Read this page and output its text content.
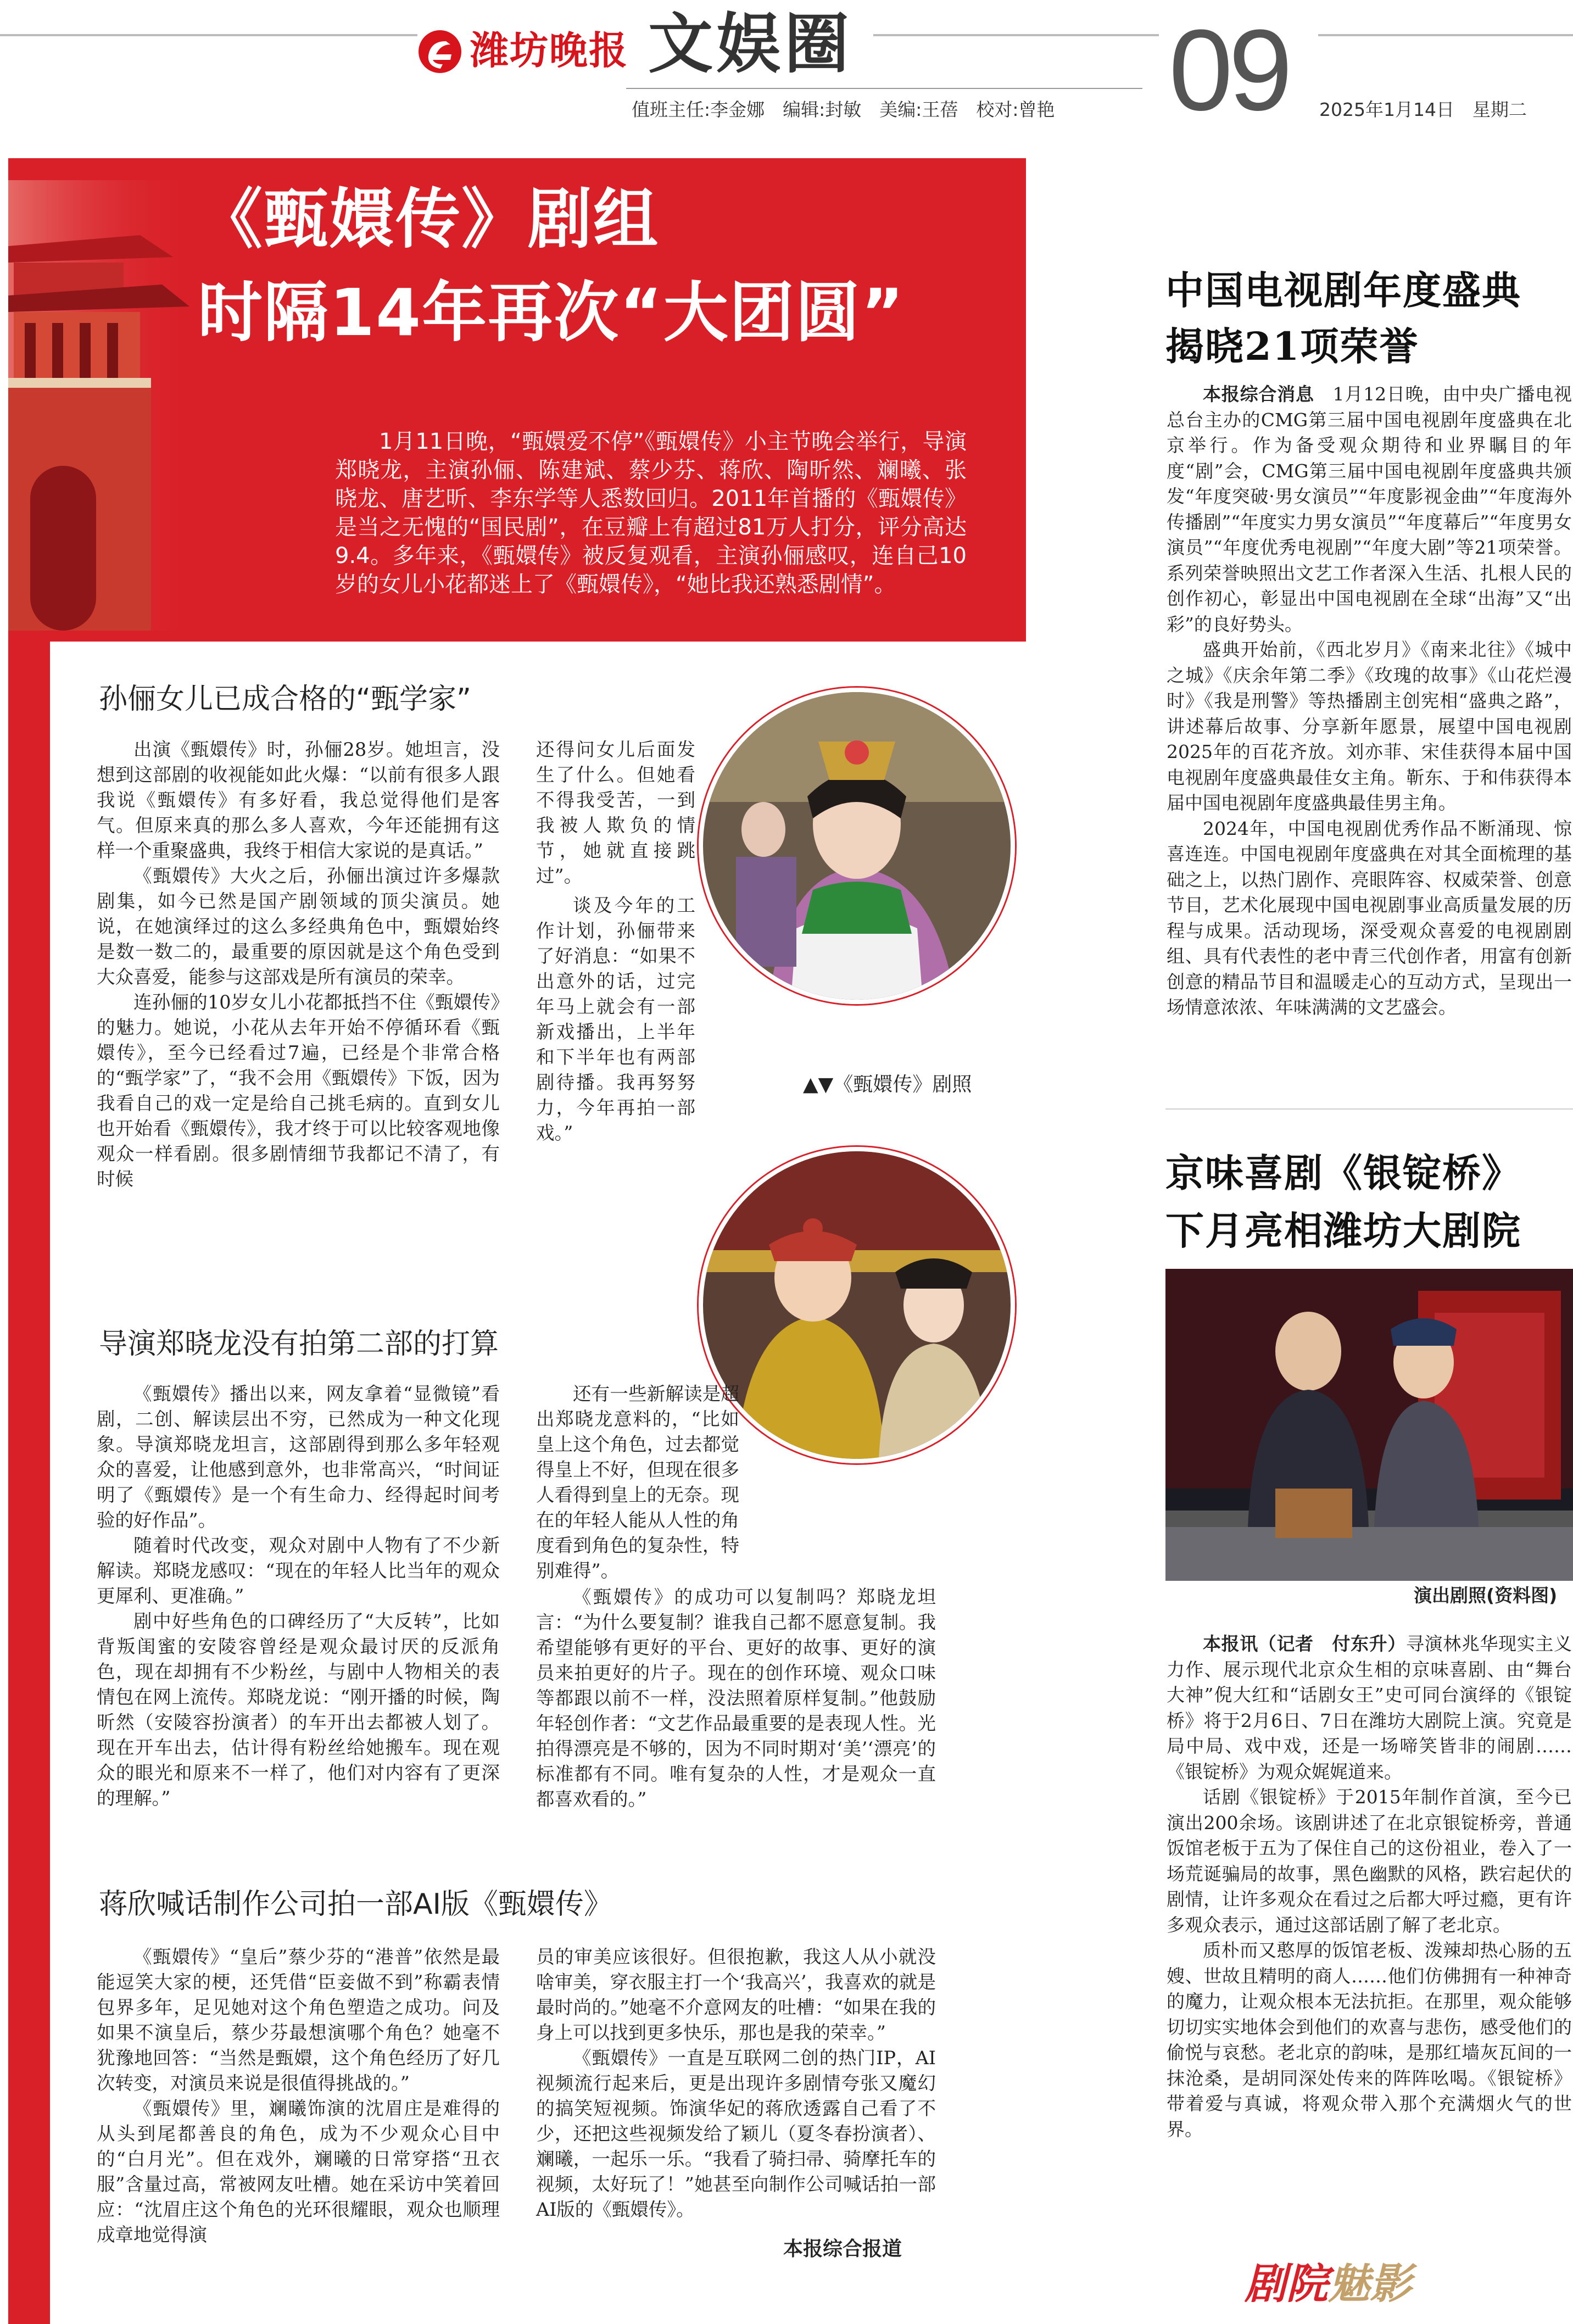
潍坊晚报 文娱圈	09
值班主任:李金娜　编辑:封敏　美编:王蓓　校对:曾艳	2025年1月14日　星期二
《甄嬛传》剧组
时隔14年再次“大团圆”
1月11日晚，“甄嬛爱不停”《甄嬛传》小主节晚会举行，导演郑晓龙，主演孙俪、陈建斌、蔡少芬、蒋欣、陶昕然、斓曦、张晓龙、唐艺昕、李东学等人悉数回归。2011年首播的《甄嬛传》是当之无愧的“国民剧”，在豆瓣上有超过81万人打分，评分高达9.4。多年来，《甄嬛传》被反复观看，主演孙俪感叹，连自己10岁的女儿小花都迷上了《甄嬛传》，“她比我还熟悉剧情”。
孙俪女儿已成合格的“甄学家”

出演《甄嬛传》时，孙俪28岁。她坦言，没想到这部剧的收视能如此火爆：“以前有很多人跟我说《甄嬛传》有多好看，我总觉得他们是客气。但原来真的那么多人喜欢，今年还能拥有这样一个重聚盛典，我终于相信大家说的是真话。”

《甄嬛传》大火之后，孙俪出演过许多爆款剧集，如今已然是国产剧领域的顶尖演员。她说，在她演绎过的这么多经典角色中，甄嬛始终是数一数二的，最重要的原因就是这个角色受到大众喜爱，能参与这部戏是所有演员的荣幸。

连孙俪的10岁女儿小花都抵挡不住《甄嬛传》的魅力。她说，小花从去年开始不停循环看《甄嬛传》，至今已经看过7遍，已经是个非常合格的“甄学家”了，“我不会用《甄嬛传》下饭，因为我看自己的戏一定是给自己挑毛病的。直到女儿也开始看《甄嬛传》，我才终于可以比较客观地像观众一样看剧。很多剧情细节我都记不清了，有时候

还得问女儿后面发生了什么。但她看不得我受苦，一到我被人欺负的情节，她就直接跳过”。

谈及今年的工作计划，孙俪带来了好消息：“如果不出意外的话，过完年马上就会有一部新戏播出，上半年和下半年也有两部剧待播。我再努努力，今年再拍一部戏。”

▲▼《甄嬛传》剧照
导演郑晓龙没有拍第二部的打算

《甄嬛传》播出以来，网友拿着“显微镜”看剧，二创、解读层出不穷，已然成为一种文化现象。导演郑晓龙坦言，这部剧得到那么多年轻观众的喜爱，让他感到意外，也非常高兴，“时间证明了《甄嬛传》是一个有生命力、经得起时间考验的好作品”。

随着时代改变，观众对剧中人物有了不少新解读。郑晓龙感叹：“现在的年轻人比当年的观众更犀利、更准确。”

剧中好些角色的口碑经历了“大反转”，比如背叛闺蜜的安陵容曾经是观众最讨厌的反派角色，现在却拥有不少粉丝，与剧中人物相关的表情包在网上流传。郑晓龙说：“刚开播的时候，陶昕然（安陵容扮演者）的车开出去都被人划了。现在开车出去，估计得有粉丝给她搬车。现在观众的眼光和原来不一样了，他们对内容有了更深的理解。”

还有一些新解读是超出郑晓龙意料的，“比如皇上这个角色，过去都觉得皇上不好，但现在很多人看得到皇上的无奈。现在的年轻人能从人性的角度看到角色的复杂性，特别难得”。

《甄嬛传》的成功可以复制吗？郑晓龙坦言：“为什么要复制？谁我自己都不愿意复制。我希望能够有更好的平台、更好的故事、更好的演员来拍更好的片子。现在的创作环境、观众口味等都跟以前不一样，没法照着原样复制。”他鼓励年轻创作者：“文艺作品最重要的是表现人性。光拍得漂亮是不够的，因为不同时期对‘美’‘漂亮’的标准都有不同。唯有复杂的人性，才是观众一直都喜欢看的。”

蒋欣喊话制作公司拍一部AI版《甄嬛传》

《甄嬛传》“皇后”蔡少芬的“港普”依然是最能逗笑大家的梗，还凭借“臣妾做不到”称霸表情包界多年，足见她对这个角色塑造之成功。问及如果不演皇后，蔡少芬最想演哪个角色？她毫不犹豫地回答：“当然是甄嬛，这个角色经历了好几次转变，对演员来说是很值得挑战的。”

《甄嬛传》里，斓曦饰演的沈眉庄是难得的从头到尾都善良的角色，成为不少观众心目中的“白月光”。但在戏外，斓曦的日常穿搭“丑衣服”含量过高，常被网友吐槽。她在采访中笑着回应：“沈眉庄这个角色的光环很耀眼，观众也顺理成章地觉得演

员的审美应该很好。但很抱歉，我这人从小就没啥审美，穿衣服主打一个‘我高兴’，我喜欢的就是最时尚的。”她毫不介意网友的吐槽：“如果在我的身上可以找到更多快乐，那也是我的荣幸。”

《甄嬛传》一直是互联网二创的热门IP，AI视频流行起来后，更是出现许多剧情夸张又魔幻的搞笑短视频。饰演华妃的蒋欣透露自己看了不少，还把这些视频发给了颖儿（夏冬春扮演者）、斓曦，一起乐一乐。“我看了骑扫帚、骑摩托车的视频，太好玩了！”她甚至向制作公司喊话拍一部AI版的《甄嬛传》。

本报综合报道
中国电视剧年度盛典
揭晓21项荣誉

本报综合消息　 1月12日晚，由中央广播电视总台主办的CMG第三届中国电视剧年度盛典在北京举行。作为备受观众期待和业界瞩目的年度“剧”会，CMG第三届中国电视剧年度盛典共颁发“年度突破·男女演员”“年度影视金曲”“年度海外传播剧”“年度实力男女演员”“年度幕后”“年度男女演员”“年度优秀电视剧”“年度大剧”等21项荣誉。系列荣誉映照出文艺工作者深入生活、扎根人民的创作初心，彰显出中国电视剧在全球“出海”又“出彩”的良好势头。

盛典开始前，《西北岁月》《南来北往》《城中之城》《庆余年第二季》《玫瑰的故事》《山花烂漫时》《我是刑警》等热播剧主创宪相“盛典之路”，讲述幕后故事、分享新年愿景，展望中国电视剧2025年的百花齐放。刘亦菲、宋佳获得本届中国电视剧年度盛典最佳女主角。靳东、于和伟获得本届中国电视剧年度盛典最佳男主角。

2024年，中国电视剧优秀作品不断涌现、惊喜连连。中国电视剧年度盛典在对其全面梳理的基础之上，以热门剧作、亮眼阵容、权威荣誉、创意节目，艺术化展现中国电视剧事业高质量发展的历程与成果。活动现场，深受观众喜爱的电视剧剧组、具有代表性的老中青三代创作者，用富有创新创意的精品节目和温暖走心的互动方式，呈现出一场情意浓浓、年味满满的文艺盛会。

京味喜剧《银锭桥》
下月亮相潍坊大剧院
演出剧照(资料图)

本报讯（记者　付东升）寻演林兆华现实主义力作、展示现代北京众生相的京味喜剧、由“舞台大神”倪大红和“话剧女王”史可同台演绎的《银锭桥》将于2月6日、7日在潍坊大剧院上演。究竟是局中局、戏中戏，还是一场啼笑皆非的闹剧……《银锭桥》为观众娓娓道来。

话剧《银锭桥》于2015年制作首演，至今已演出200余场。该剧讲述了在北京银锭桥旁，普通饭馆老板于五为了保住自己的这份祖业，卷入了一场荒诞骗局的故事，黑色幽默的风格，跌宕起伏的剧情，让许多观众在看过之后都大呼过瘾，更有许多观众表示，通过这部话剧了解了老北京。

质朴而又憨厚的饭馆老板、泼辣却热心肠的五嫂、世故且精明的商人……他们仿佛拥有一种神奇的魔力，让观众根本无法抗拒。在那里，观众能够切切实实地体会到他们的欢喜与悲伤，感受他们的偷悦与哀愁。老北京的韵味，是那红墙灰瓦间的一抹沧桑，是胡同深处传来的阵阵吆喝。《银锭桥》带着爱与真诚，将观众带入那个充满烟火气的世界。

剧院魅影
